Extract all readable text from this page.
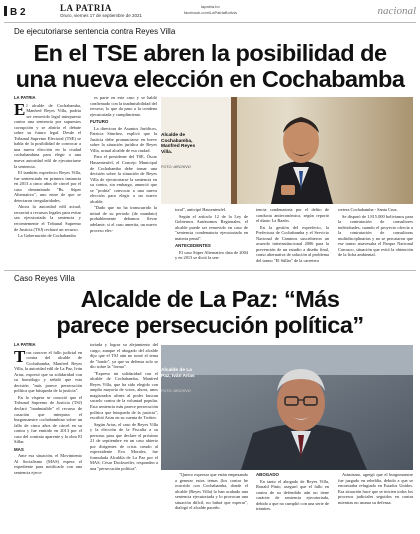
B 2	LA PATRIA
Oruro, viernes 17 de septiembre de 2021
lapatria.bo
facebook.com/LaPatriaBolivia	nacional
De ejecutoriarse sentencia contra Reyes Villa
En el TSE abren la posibilidad de
una nueva elección en Cochabamba
LA PATRIA

El alcalde de Cochabamba, Manfred Reyes Villa, podría ser removido legal interpuesto contra una sentencia por supuestos corrupción y se abriría el debate sobre su futuro legal. Desde el Tribunal Supremo Electoral (TSE) se habla de la posibilidad de convocar a una nueva elección en la ciudad cochabambina para elegir a una nueva autoridad edil de ejecutoriarse la sentencia.

El también exprefecto Reyes Villa, fue sentenciado en primera instancia en 2013 a cinco años de cárcel por el caso denominado "Bs. Súper Alternativo", uno entre de que se detectaron irregularidades.

Ahora la autoridad edil actual, recurrirá a recursos legales para evitar sea ejecutoriada la sentencia y recientemente el Tribunal Supremo de Justicia (TSJ) rechazó un recurso.

La Gobernación de Cochabamba

es parte en este caso y se habló confirmado con la inadmisibilidad del recurso; lo que da paso a la condena ejecutoriada y cumplimiento.

FUTURO

La directora de Asuntos Jurídicos, Patricia Sánchez, explicó que la Justicia debe pronunciarse en breve sobre la situación jurídica de Reyes Villa, actual alcalde de esa ciudad.

Para el presidente del TSE, Óscar Hassenteufel, el Concejo Municipal de Cochabamba debe tomar una decisión sobre la situación de Reyes Villa de ejecutoriarse la sentencia en su contra, sin embargo, anunció que se "podría" convocar a una nueva elección para elegir a un nuevo alcalde.

"Dado que no ha transcurrido la mitad de su periodo (de mandato) probablemente debamos llevar adelante, si el caso amerita, un nuevo proceso elec-

Alcalde de Cochabamba, Manfred Reyes Villa.
FOTO: ARCHIVO

toral", anticipó Hassenteufel.

Según el artículo 12 de la Ley de Gobiernos Autónomos Regionales, el alcalde puede ser removido en caso de "sentencia condenatoria ejecutoriada en materia penal".

ANTECEDENTES

El caso Súper Alternativo data de 2004 y en 2013 se dictó la sen-

tencia condenatoria por el delito de conducta antieconómica, según reportó el diario La Razón.

En la gestión del exprefecto, la Prefectura de Cochabamba y el Servicio Nacional de Caminos suscribieron un acuerdo interinstitucional 2006 para la prevención de un estudio a diseño final, como alternativa de solución al problema del tramo "El Súllar" de la carretera

rretera Cochabamba - Santa Cruz.

Se disparó de 1.815.000 bolivianos para la contratación de consultores individuales, cuando el proyecto ofrecía a la contratación de consultoras multidisciplinarias y no se percataron que ese tramo atravesaba el Parque Nacional Carrasco, situación que evitó la obtención de la ficha ambiental.

Caso Reyes Villa
Alcalde de La Paz: “Más
parece persecución política”
LA PATRIA

Tras conocer el fallo judicial en contra del alcalde de Cochabamba, Manfred Reyes Villa, la autoridad edil de La Paz, Iván Arias, expresó que su solidaridad con su homólogo y señaló que esta decisión "más parece persecución política que búsqueda de la justicia".

En la víspera se conoció que el Tribunal Supremo de Justicia (TSJ) declaró "inadmisible" el recurso de casación que interpuso el burgomaestre cochabambino sobre un fallo de cinco años de cárcel en su contra y fue emitido en 2013 por el caso del contrato aparente y la obra El Sillar.

MAS

Ante esa situación, el Movimiento Al Socialismo (MAS) espera el expediente para notificarle con una sentencia ejecu-

toriada y lograr su alejamiento del cargo, aunque el abogado del alcalde dijo que el TSJ aún no tomó el tema de "fondo", ya que su defensa solo se dio sobre la "forma".

"Expreso mi solidaridad con el alcalde de Cochabamba, Manfred Reyes Villa, que ha sido elegido con amplia mayoría de votos, ahora, unos magistrados afines al poder buscan sacarlo contra de la voluntad popular. Esta sentencia más parece persecución política que búsqueda de la justicia", escribió Arias en su cuenta de Twitter.

Según Arias, el caso de Reyes Villa y la elección de la Fiscalía a su persona, para que declare el próximo 21 de septiembre en un caso abierto por dirigentes de crisis creado al expresidente Evo Morales, fue formulada Alcaldía de La Paz por el MAS, César Dockweiler, responden a una "persecución política".

Alcalde de La Paz, Iván Arias
FOTO: ARCHIVO

"Quiero expresar que están empezando a generar estos temas (los contra he ocurrido con Cochabamba, donde el alcalde (Reyes Villa) lo han acabado una sentencia ejecutoriada y lo provocan una situación difícil, no habrá que esperar", dialogó el alcalde paceño.

ABOGADO

En tanto el abogado de Reyes Villa, Ronald Pinto, aseguró que el fallo en contra de su defendido aún no tiene carácter de sentencia ejecutoriada, debido a que no cumplió con una serie de trámites.

Asimismo, agregó que el burgomaestre fue juzgado en rebeldía, debido a que se encontraba refugiado en Estados Unidos. Esa situación hace que se inicien todos los procesos judiciales seguidos en contra mientras no asuma su defensa.
